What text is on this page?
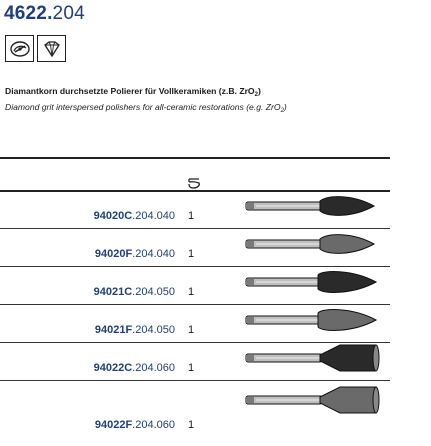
4622.204
Diamantkorn durchsetzte Polierer für Vollkeramiken (z.B. ZrO$_2$)
Diamond grit interspersed polishers for all-ceramic restorations (e.g. ZrO$_2$)
94020C.204.040 1
94020F.204.040 1
94021C.204.050 1
94021F.204.050 1
94022C.204.060 1
94022F.204.060 1
